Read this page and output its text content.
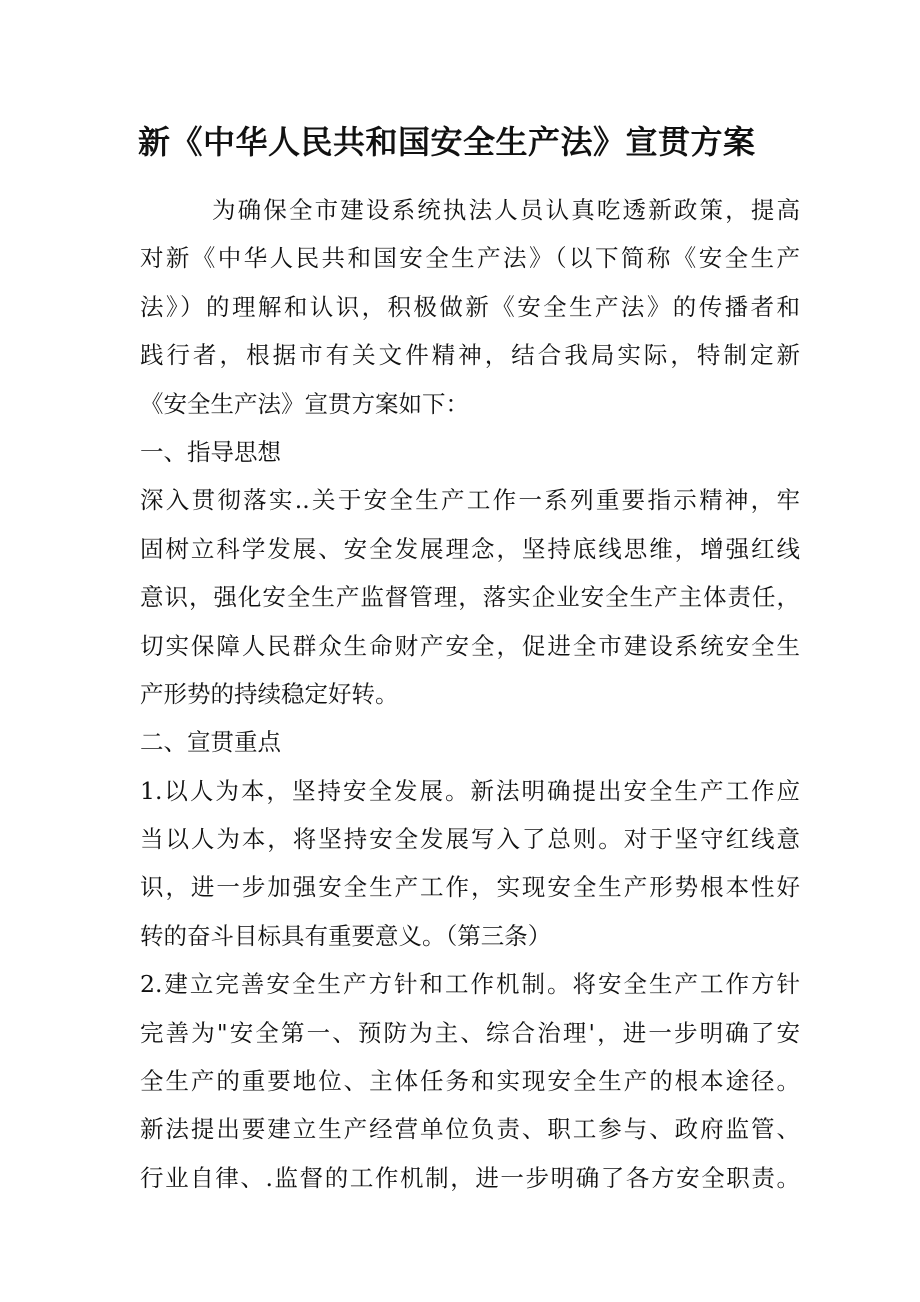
新《中华人民共和国安全生产法》宣贯方案

为确保全市建设系统执法人员认真吃透新政策，提高

对新《中华人民共和国安全生产法》（以下简称《安全生产

法》）的理解和认识，积极做新《安全生产法》的传播者和

践行者，根据市有关文件精神，结合我局实际，特制定新

《安全生产法》宣贯方案如下：

一、指导思想

深入贯彻落实..关于安全生产工作一系列重要指示精神，牢

固树立科学发展、安全发展理念，坚持底线思维，增强红线

意识，强化安全生产监督管理，落实企业安全生产主体责任，

切实保障人民群众生命财产安全，促进全市建设系统安全生

产形势的持续稳定好转。

二、宣贯重点

1.以人为本，坚持安全发展。新法明确提出安全生产工作应

当以人为本，将坚持安全发展写入了总则。对于坚守红线意

识，进一步加强安全生产工作，实现安全生产形势根本性好

转的奋斗目标具有重要意义。（第三条）

2.建立完善安全生产方针和工作机制。将安全生产工作方针

完善为"安全第一、预防为主、综合治理'，进一步明确了安

全生产的重要地位、主体任务和实现安全生产的根本途径。

新法提出要建立生产经营单位负责、职工参与、政府监管、

行业自律、.监督的工作机制，进一步明确了各方安全职责。
